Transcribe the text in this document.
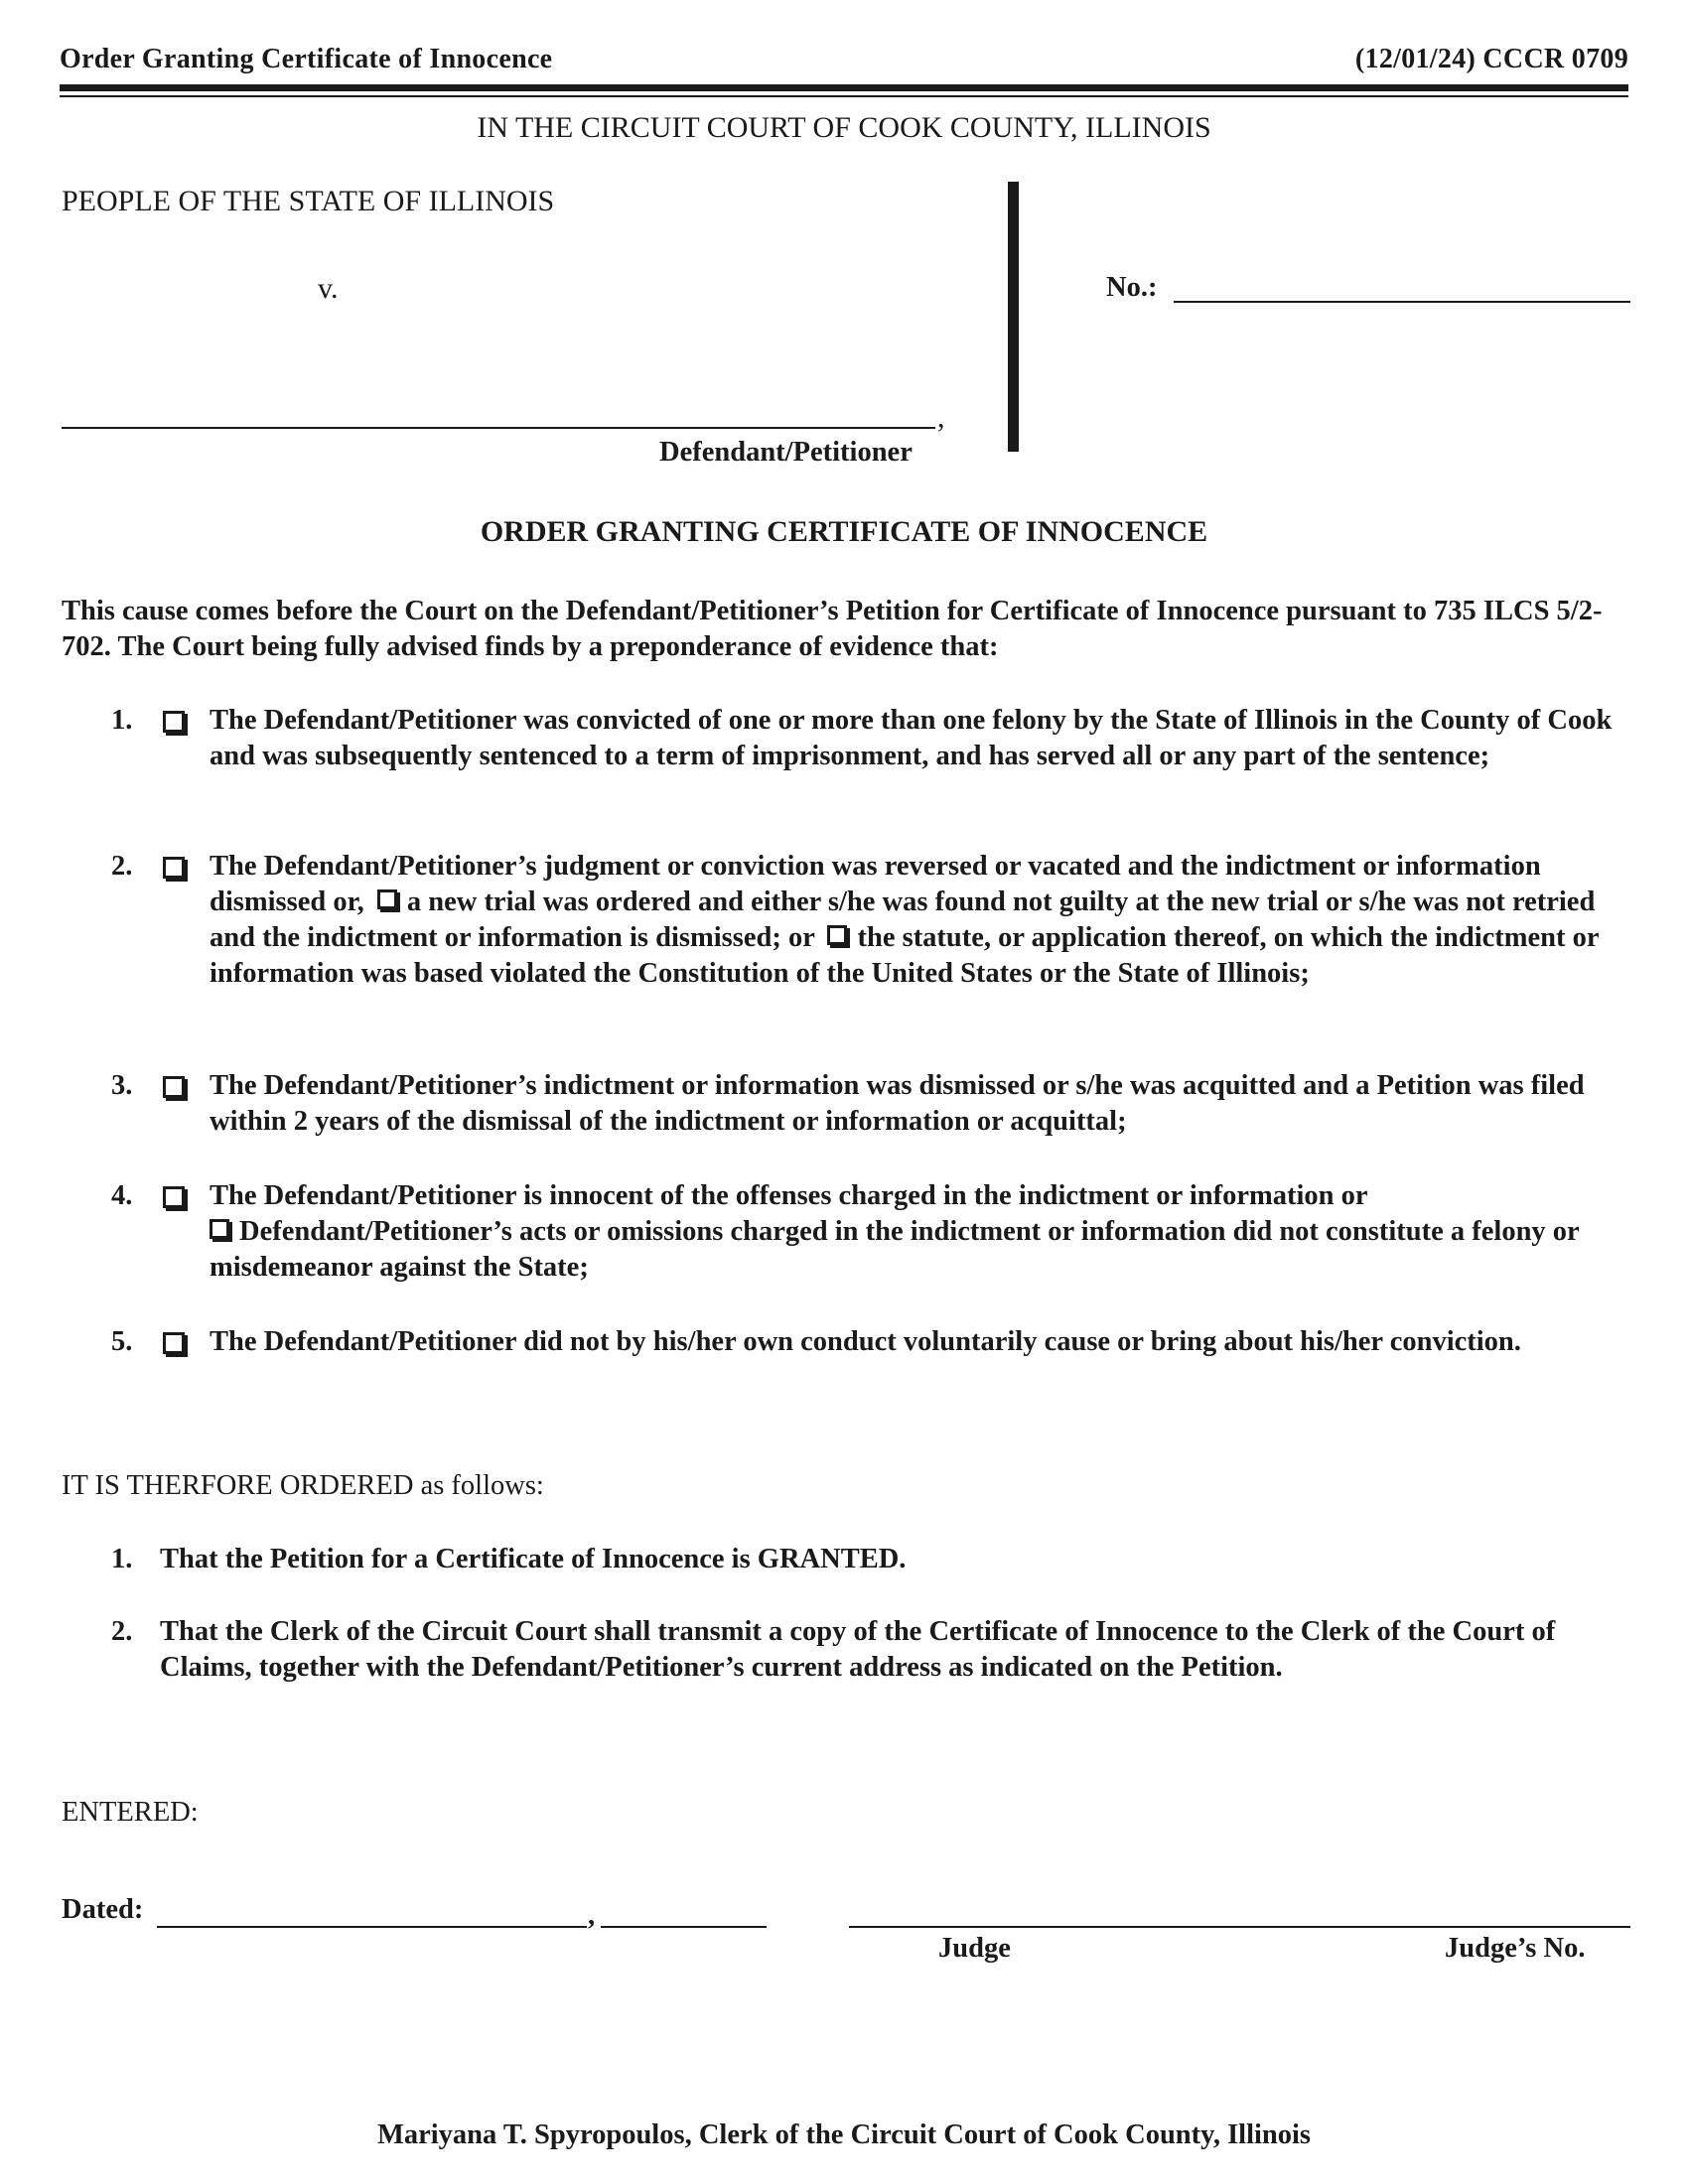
Order Granting Certificate of Innocence	(12/01/24) CCCR 0709
IN THE CIRCUIT COURT OF COOK COUNTY, ILLINOIS
PEOPLE OF THE STATE OF ILLINOIS
v.
,
Defendant/Petitioner
No.:
ORDER GRANTING CERTIFICATE OF INNOCENCE
This cause comes before the Court on the Defendant/Petitioner’s Petition for Certificate of Innocence pursuant to 735 ILCS 5/2-702. The Court being fully advised finds by a preponderance of evidence that:
1.	The Defendant/Petitioner was convicted of one or more than one felony by the State of Illinois in the County of Cook and was subsequently sentenced to a term of imprisonment, and has served all or any part of the sentence;
2.	The Defendant/Petitioner’s judgment or conviction was reversed or vacated and the indictment or information dismissed or, a new trial was ordered and either s/he was found not guilty at the new trial or s/he was not retried and the indictment or information is dismissed; or the statute, or application thereof, on which the indictment or information was based violated the Constitution of the United States or the State of Illinois;
3.	The Defendant/Petitioner’s indictment or information was dismissed or s/he was acquitted and a Petition was filed within 2 years of the dismissal of the indictment or information or acquittal;
4.	The Defendant/Petitioner is innocent of the offenses charged in the indictment or information or
Defendant/Petitioner’s acts or omissions charged in the indictment or information did not constitute a felony or misdemeanor against the State;
5.	The Defendant/Petitioner did not by his/her own conduct voluntarily cause or bring about his/her conviction.
IT IS THERFORE ORDERED as follows:
1. That the Petition for a Certificate of Innocence is GRANTED.
2. That the Clerk of the Circuit Court shall transmit a copy of the Certificate of Innocence to the Clerk of the Court of Claims, together with the Defendant/Petitioner’s current address as indicated on the Petition.
ENTERED:
Dated:	,
Judge	Judge’s No.
Mariyana T. Spyropoulos, Clerk of the Circuit Court of Cook County, Illinois
